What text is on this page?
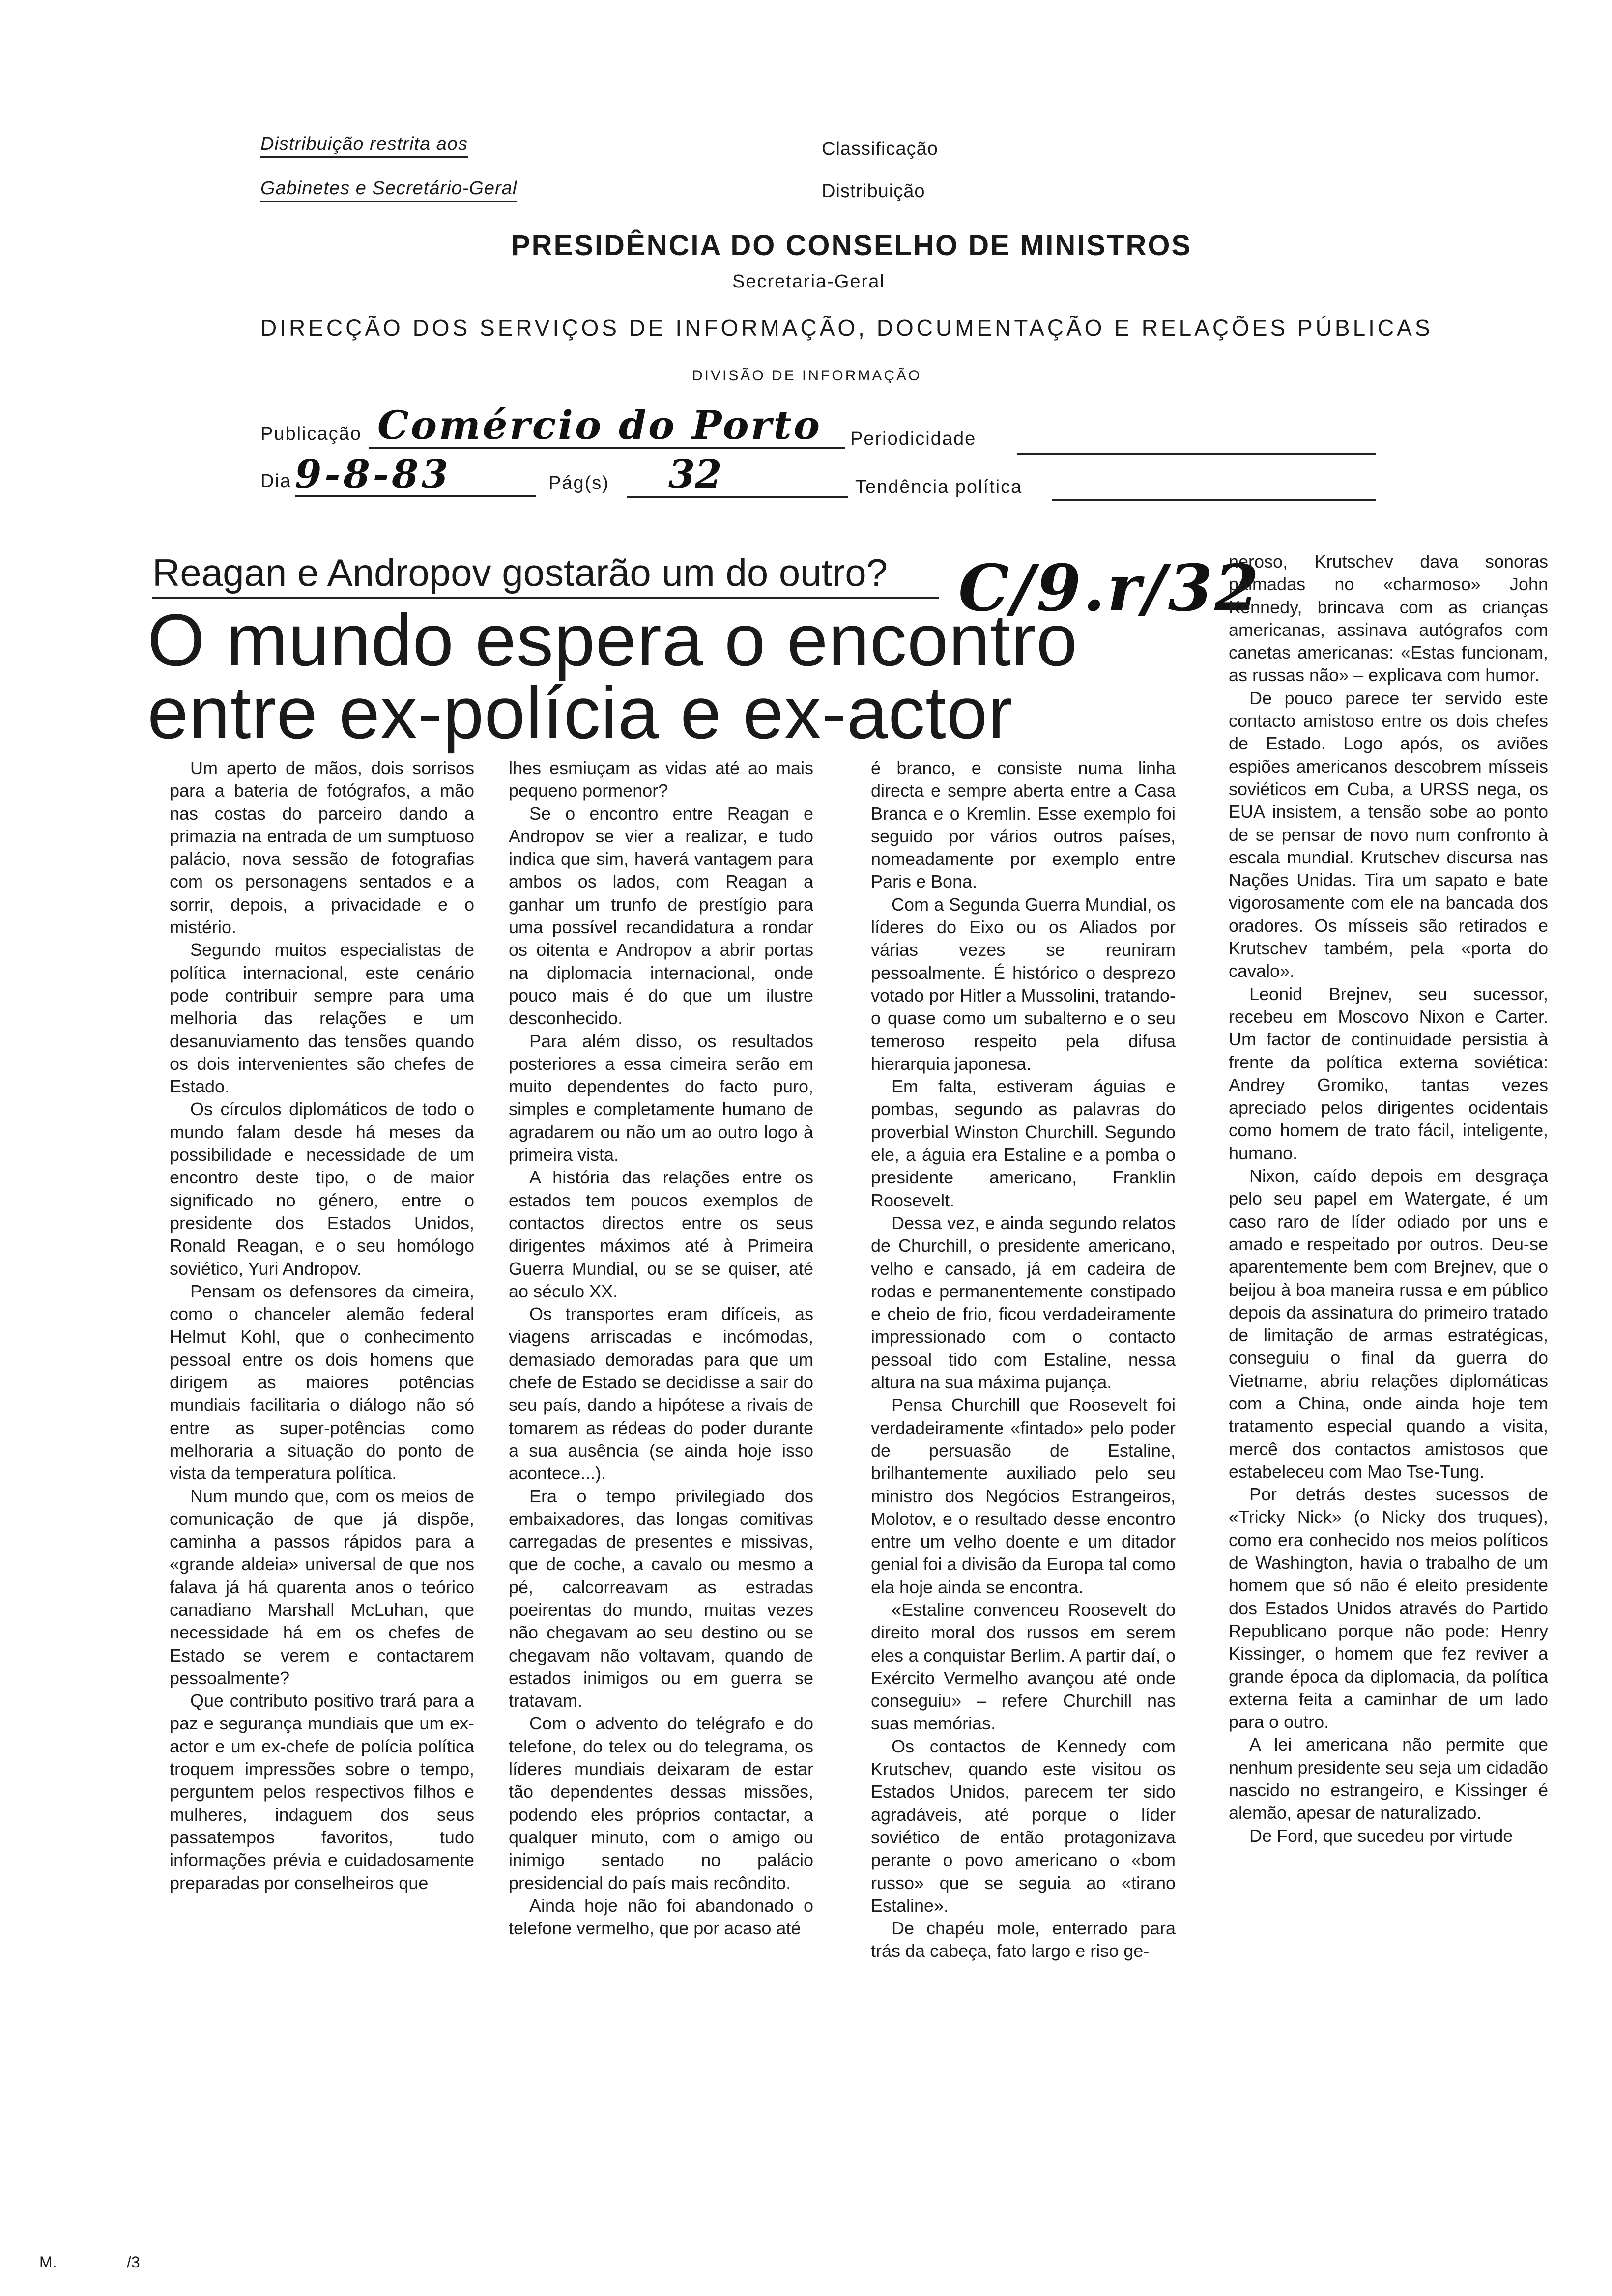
Distribuição restrita aos
Gabinetes e Secretário-Geral
Classificação
Distribuição
PRESIDÊNCIA DO CONSELHO DE MINISTROS
Secretaria-Geral
DIRECÇÃO DOS SERVIÇOS DE INFORMAÇÃO, DOCUMENTAÇÃO E RELAÇÕES PÚBLICAS
DIVISÃO DE INFORMAÇÃO
Publicação Comércio do Porto Periodicidade
Dia 9-8-83	Pág(s) 32	Tendência política
Reagan e Andropov gostarão um do outro? C/9.r/32
O mundo espera o encontro
entre ex-polícia e ex-actor

Um aperto de mãos, dois sorrisos para a bateria de fotógrafos, a mão nas costas do parceiro dando a primazia na entrada de um sumptuoso palácio, nova sessão de fotografias com os personagens sentados e a sorrir, depois, a privacidade e o mistério.

Segundo muitos especialistas de política internacional, este cenário pode contribuir sempre para uma melhoria das relações e um desanuviamento das tensões quando os dois intervenientes são chefes de Estado.

Os círculos diplomáticos de todo o mundo falam desde há meses da possibilidade e necessidade de um encontro deste tipo, o de maior significado no género, entre o presidente dos Estados Unidos, Ronald Reagan, e o seu homólogo soviético, Yuri Andropov.

Pensam os defensores da cimeira, como o chanceler alemão federal Helmut Kohl, que o conhecimento pessoal entre os dois homens que dirigem as maiores potências mundiais facilitaria o diálogo não só entre as super-potências como melhoraria a situação do ponto de vista da temperatura política.

Num mundo que, com os meios de comunicação de que já dispõe, caminha a passos rápidos para a «grande aldeia» universal de que nos falava já há quarenta anos o teórico canadiano Marshall McLuhan, que necessidade há em os chefes de Estado se verem e contactarem pessoalmente?

Que contributo positivo trará para a paz e segurança mundiais que um ex-actor e um ex-chefe de polícia política troquem impressões sobre o tempo, perguntem pelos respectivos filhos e mulheres, indaguem dos seus passatempos favoritos, tudo informações prévia e cuidadosamente preparadas por conselheiros que

lhes esmiuçam as vidas até ao mais pequeno pormenor?

Se o encontro entre Reagan e Andropov se vier a realizar, e tudo indica que sim, haverá vantagem para ambos os lados, com Reagan a ganhar um trunfo de prestígio para uma possível recandidatura a rondar os oitenta e Andropov a abrir portas na diplomacia internacional, onde pouco mais é do que um ilustre desconhecido.

Para além disso, os resultados posteriores a essa cimeira serão em muito dependentes do facto puro, simples e completamente humano de agradarem ou não um ao outro logo à primeira vista.

A história das relações entre os estados tem poucos exemplos de contactos directos entre os seus dirigentes máximos até à Primeira Guerra Mundial, ou se se quiser, até ao século XX.

Os transportes eram difíceis, as viagens arriscadas e incómodas, demasiado demoradas para que um chefe de Estado se decidisse a sair do seu país, dando a hipótese a rivais de tomarem as rédeas do poder durante a sua ausência (se ainda hoje isso acontece...).

Era o tempo privilegiado dos embaixadores, das longas comitivas carregadas de presentes e missivas, que de coche, a cavalo ou mesmo a pé, calcorreavam as estradas poeirentas do mundo, muitas vezes não chegavam ao seu destino ou se chegavam não voltavam, quando de estados inimigos ou em guerra se tratavam.

Com o advento do telégrafo e do telefone, do telex ou do telegrama, os líderes mundiais deixaram de estar tão dependentes dessas missões, podendo eles próprios contactar, a qualquer minuto, com o amigo ou inimigo sentado no palácio presidencial do país mais recôndito.

Ainda hoje não foi abandonado o telefone vermelho, que por acaso até

é branco, e consiste numa linha directa e sempre aberta entre a Casa Branca e o Kremlin. Esse exemplo foi seguido por vários outros países, nomeadamente por exemplo entre Paris e Bona.

Com a Segunda Guerra Mundial, os líderes do Eixo ou os Aliados por várias vezes se reuniram pessoalmente. É histórico o desprezo votado por Hitler a Mussolini, tratando-o quase como um subalterno e o seu temeroso respeito pela difusa hierarquia japonesa.

Em falta, estiveram águias e pombas, segundo as palavras do proverbial Winston Churchill. Segundo ele, a águia era Estaline e a pomba o presidente americano, Franklin Roosevelt.

Dessa vez, e ainda segundo relatos de Churchill, o presidente americano, velho e cansado, já em cadeira de rodas e permanentemente constipado e cheio de frio, ficou verdadeiramente impressionado com o contacto pessoal tido com Estaline, nessa altura na sua máxima pujança.

Pensa Churchill que Roosevelt foi verdadeiramente «fintado» pelo poder de persuasão de Estaline, brilhantemente auxiliado pelo seu ministro dos Negócios Estrangeiros, Molotov, e o resultado desse encontro entre um velho doente e um ditador genial foi a divisão da Europa tal como ela hoje ainda se encontra.

«Estaline convenceu Roosevelt do direito moral dos russos em serem eles a conquistar Berlim. A partir daí, o Exército Vermelho avançou até onde conseguiu» – refere Churchill nas suas memórias.

Os contactos de Kennedy com Krutschev, quando este visitou os Estados Unidos, parecem ter sido agradáveis, até porque o líder soviético de então protagonizava perante o povo americano o «bom russo» que se seguia ao «tirano Estaline».

De chapéu mole, enterrado para trás da cabeça, fato largo e riso ge-

neroso, Krutschev dava sonoras palmadas no «charmoso» John Kennedy, brincava com as crianças americanas, assinava autógrafos com canetas americanas: «Estas funcionam, as russas não» – explicava com humor.

De pouco parece ter servido este contacto amistoso entre os dois chefes de Estado. Logo após, os aviões espiões americanos descobrem mísseis soviéticos em Cuba, a URSS nega, os EUA insistem, a tensão sobe ao ponto de se pensar de novo num confronto à escala mundial. Krutschev discursa nas Nações Unidas. Tira um sapato e bate vigorosamente com ele na bancada dos oradores. Os mísseis são retirados e Krutschev também, pela «porta do cavalo».

Leonid Brejnev, seu sucessor, recebeu em Moscovo Nixon e Carter. Um factor de continuidade persistia à frente da política externa soviética: Andrey Gromiko, tantas vezes apreciado pelos dirigentes ocidentais como homem de trato fácil, inteligente, humano.

Nixon, caído depois em desgraça pelo seu papel em Watergate, é um caso raro de líder odiado por uns e amado e respeitado por outros. Deu-se aparentemente bem com Brejnev, que o beijou à boa maneira russa e em público depois da assinatura do primeiro tratado de limitação de armas estratégicas, conseguiu o final da guerra do Vietname, abriu relações diplomáticas com a China, onde ainda hoje tem tratamento especial quando a visita, mercê dos contactos amistosos que estabeleceu com Mao Tse-Tung.

Por detrás destes sucessos de «Tricky Nick» (o Nicky dos truques), como era conhecido nos meios políticos de Washington, havia o trabalho de um homem que só não é eleito presidente dos Estados Unidos através do Partido Republicano porque não pode: Henry Kissinger, o homem que fez reviver a grande época da diplomacia, da política externa feita a caminhar de um lado para o outro.

A lei americana não permite que nenhum presidente seu seja um cidadão nascido no estrangeiro, e Kissinger é alemão, apesar de naturalizado.

De Ford, que sucedeu por virtude

M.	/3
